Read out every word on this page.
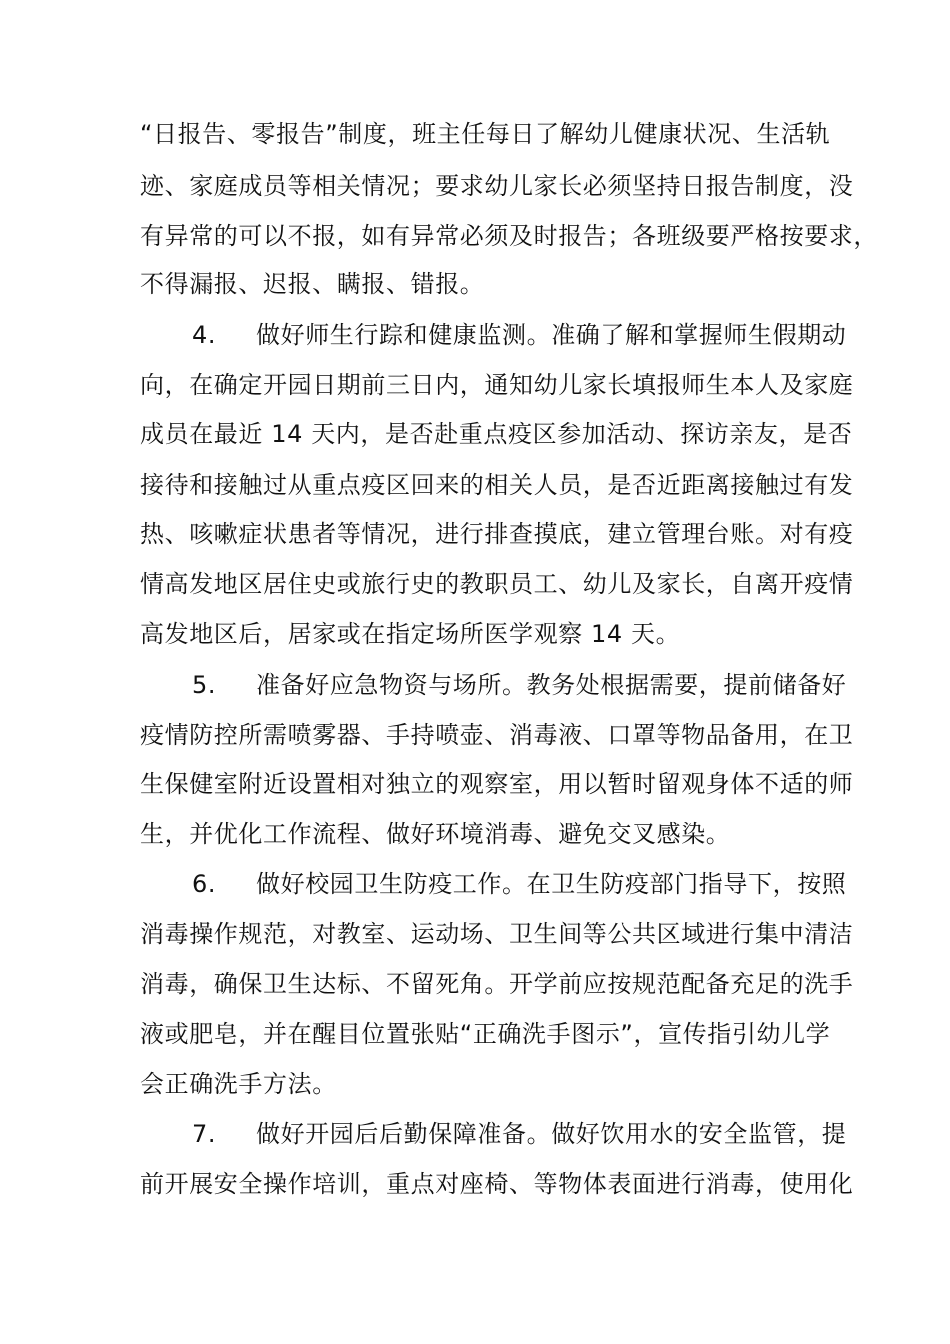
“日报告、零报告”制度，班主任每日了解幼儿健康状况、生活轨
迹、家庭成员等相关情况；要求幼儿家长必须坚持日报告制度，没
有异常的可以不报，如有异常必须及时报告；各班级要严格按要求，
不得漏报、迟报、瞒报、错报。
4.	做好师生行踪和健康监测。准确了解和掌握师生假期动
向，在确定开园日期前三日内，通知幼儿家长填报师生本人及家庭
成员在最近 14 天内，是否赴重点疫区参加活动、探访亲友，是否
接待和接触过从重点疫区回来的相关人员，是否近距离接触过有发
热、咳嗽症状患者等情况，进行排查摸底，建立管理台账。对有疫
情高发地区居住史或旅行史的教职员工、幼儿及家长，自离开疫情
高发地区后，居家或在指定场所医学观察 14 天。
5.	准备好应急物资与场所。教务处根据需要，提前储备好
疫情防控所需喷雾器、手持喷壶、消毒液、口罩等物品备用，在卫
生保健室附近设置相对独立的观察室，用以暂时留观身体不适的师
生，并优化工作流程、做好环境消毒、避免交叉感染。
6.	做好校园卫生防疫工作。在卫生防疫部门指导下，按照
消毒操作规范，对教室、运动场、卫生间等公共区域进行集中清洁
消毒，确保卫生达标、不留死角。开学前应按规范配备充足的洗手
液或肥皂，并在醒目位置张贴“正确洗手图示”，宣传指引幼儿学
会正确洗手方法。
7.	做好开园后后勤保障准备。做好饮用水的安全监管，提
前开展安全操作培训，重点对座椅、等物体表面进行消毒，使用化
